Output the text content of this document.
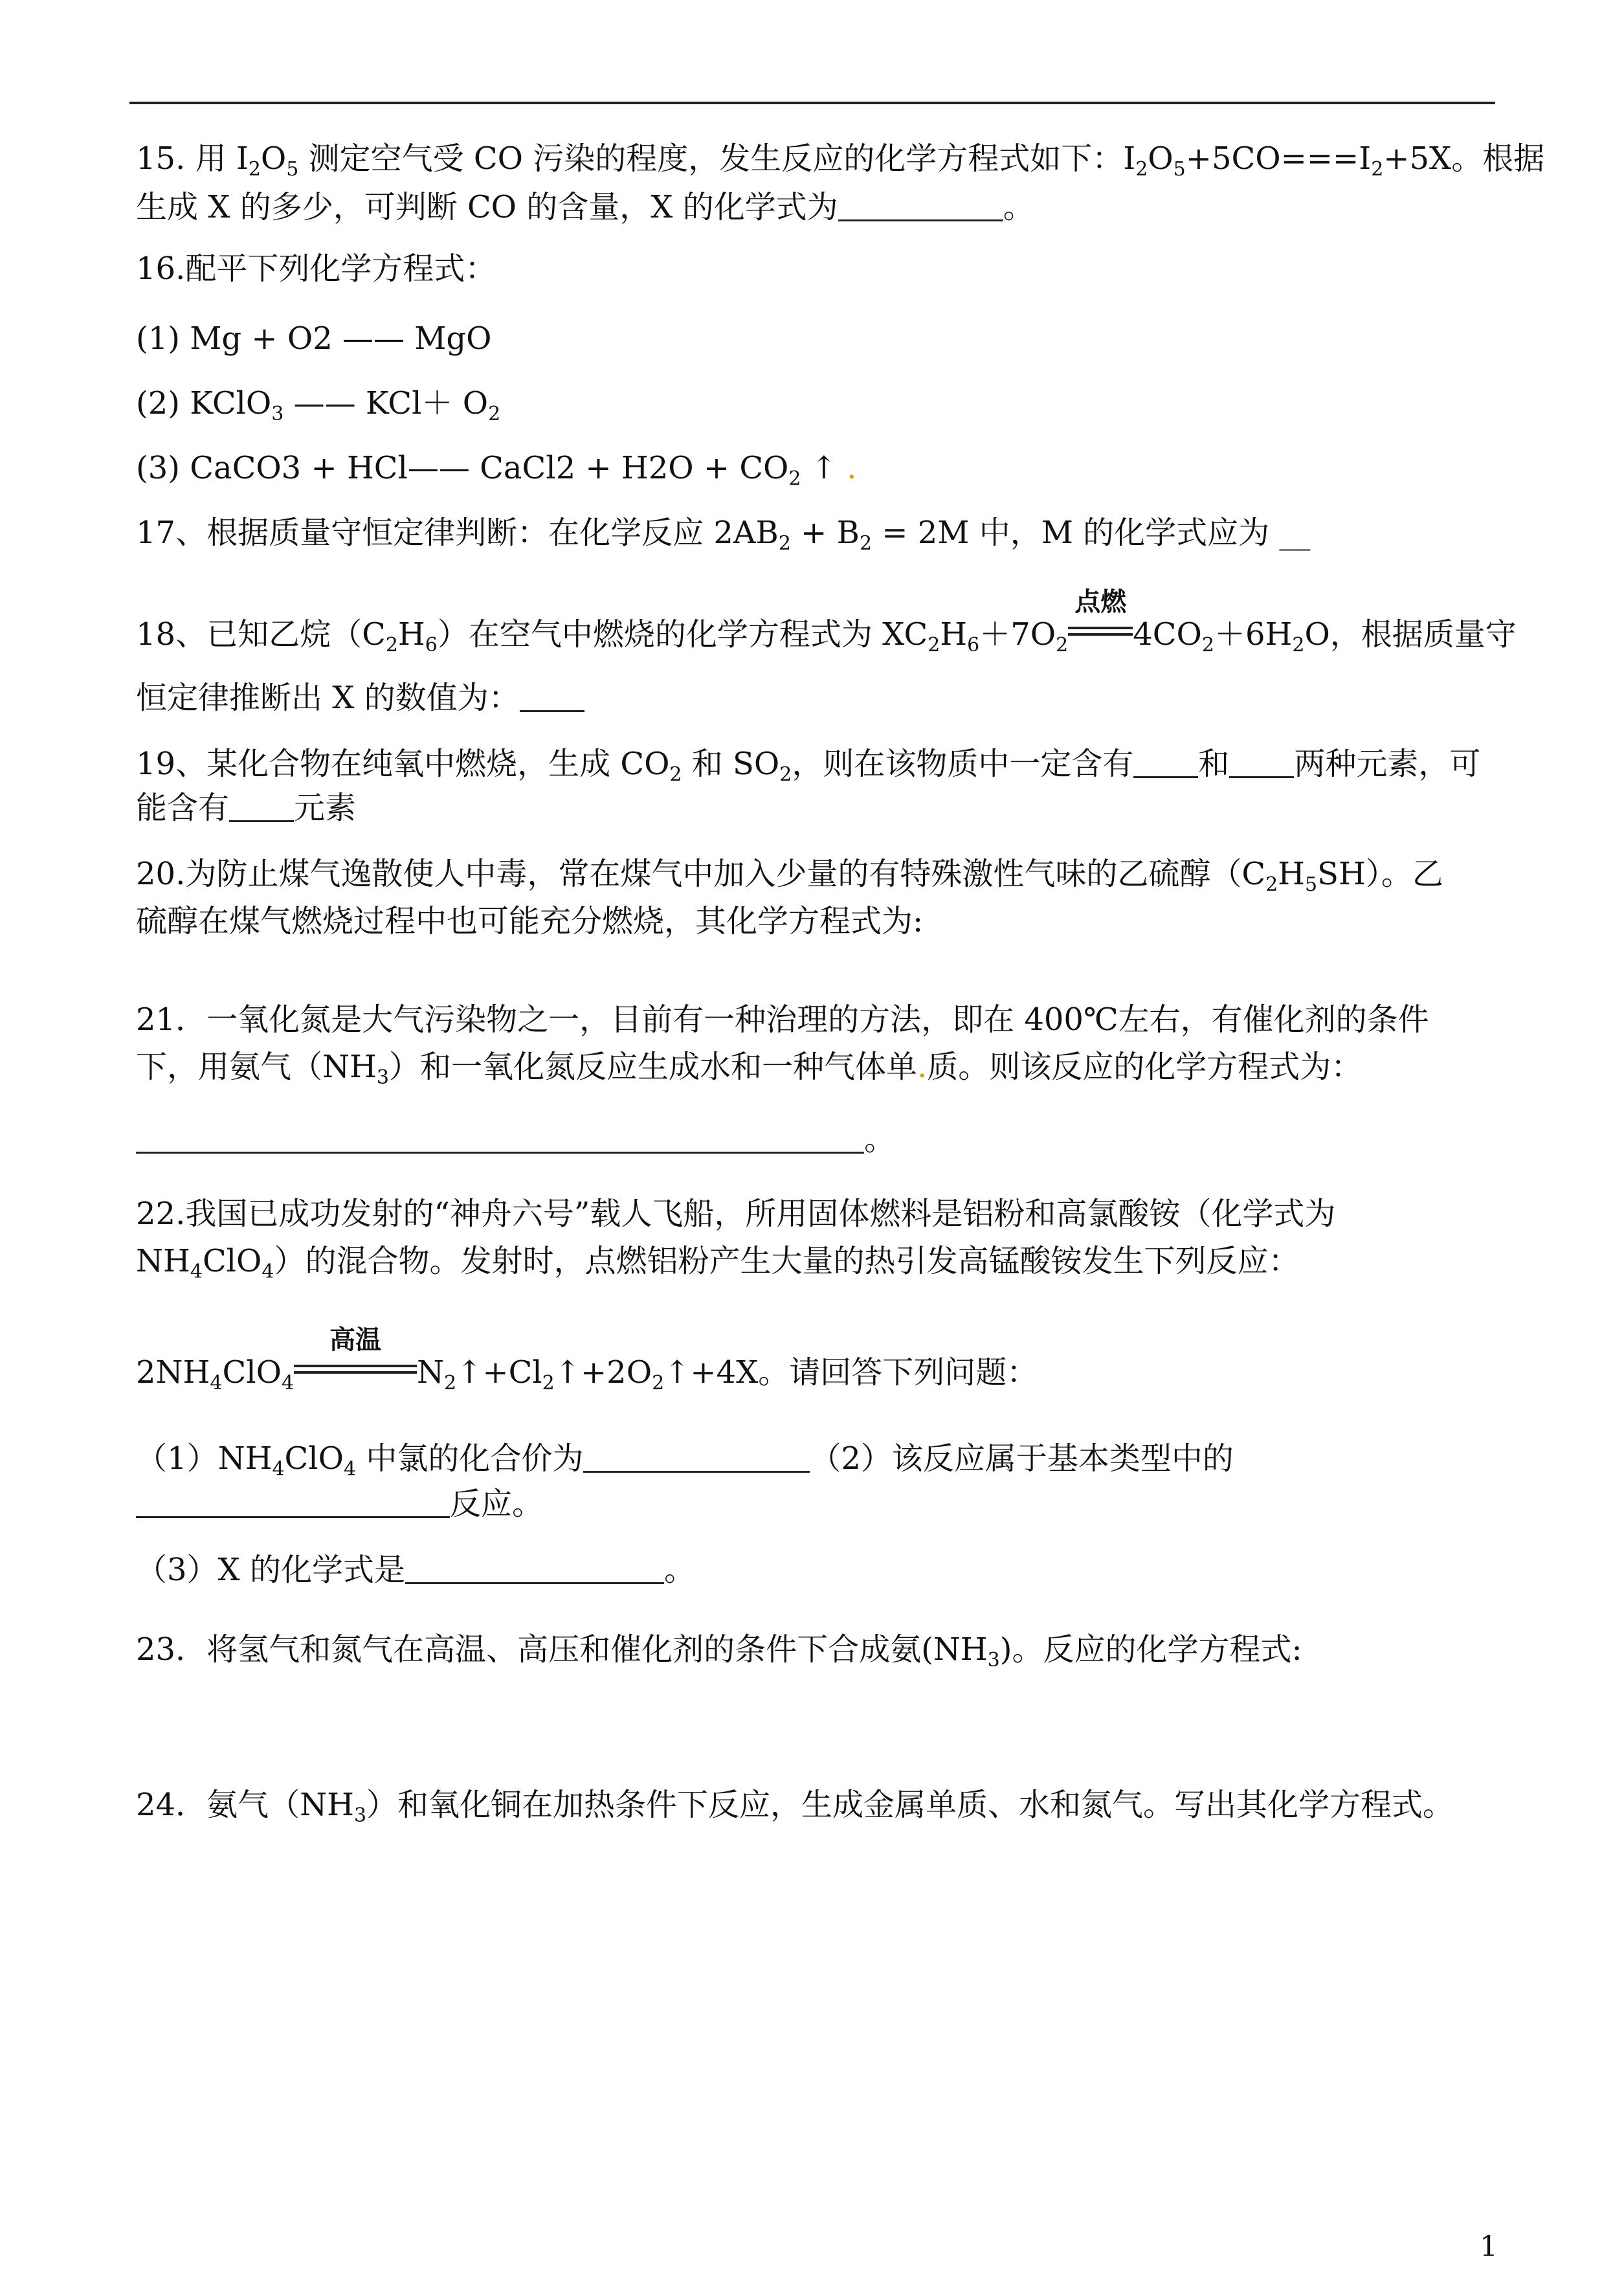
15. 用 $I_2O_5$ 测定空气受 CO 污染的程度，发生反应的化学方程式如下：$I_2O_5+5CO===I_2+5X$。根据
生成 X 的多少，可判断 CO 的含量，X 的化学式为	。
16.配平下列化学方程式：
(1) Mg + O2 —— MgO
(2) KClO$_3$ —— $KCl+ O_2$
(3) CaCO3 + HCl—— CaCl2 + $H2O + CO_2$ ↑ .
17、根据质量守恒定律判断：在化学反应 $2AB_2 + B_2 = 2M$ 中，M 的化学式应为 __
18、已知乙烷$(C_2H_6)$在空气中燃烧的化学方程式为 $XC_2H_6+7O_2$
点燃
$4CO_2+6H_2O$，根据质量守
恒定律推断出 X 的数值为：
19、某化合物在纯氧中燃烧，生成 $CO_2$ 和 $SO_2$，则在该物质中一定含有 和 两种元素，可
能含有 元素
20.为防止煤气逸散使人中毒，常在煤气中加入少量的有特殊激性气味的乙硫醇$(C_2H_5SH)$。乙
硫醇在煤气燃烧过程中也可能充分燃烧，其化学方程式为:
21．一氧化氮是大气污染物之一，目前有一种治理的方法，即在 400℃左右，有催化剂的条件
下，用氨气$(NH_3)$和一氧化氮反应生成水和一种气体单.质。则该反应的化学方程式为：
。
22.我国已成功发射的“神舟六号”载人飞船，所用固体燃料是铝粉和高氯酸铵（化学式为
$NH_4ClO_4$）的混合物。发射时，点燃铝粉产生大量的热引发高锰酸铵发生下列反应：
$2NH_4ClO_4$
高温
$N_2↑+Cl_2↑+2O_2↑+4X$。请回答下列问题：
$(1)NH_4ClO_4$ 中氯的化合价为	（2）该反应属于基本类型中的
反应。
（3）X 的化学式是	。
23．将氢气和氮气在高温、高压和催化剂的条件下合成氨$(NH_3)$。反应的化学方程式:
24．氨气$(NH_3)$和氧化铜在加热条件下反应，生成金属单质、水和氮气。写出其化学方程式。
1
